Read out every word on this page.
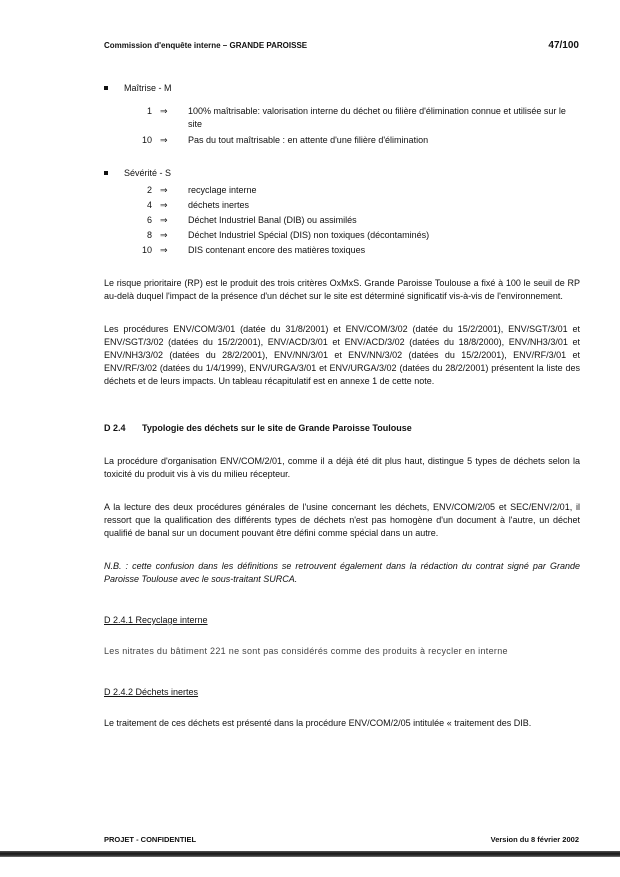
Commission d'enquête interne – GRANDE PAROISSE	47/100
Maîtrise - M
1 ⇒	100% maîtrisable: valorisation interne du déchet ou filière d'élimination connue et utilisée sur le site
10 ⇒	Pas du tout maîtrisable : en attente d'une filière d'élimination
Sévérité - S
2 ⇒	recyclage interne
4 ⇒	déchets inertes
6 ⇒	Déchet Industriel Banal (DIB) ou assimilés
8 ⇒	Déchet Industriel Spécial (DIS) non toxiques (décontaminés)
10 ⇒	DIS contenant encore des matières toxiques

Le risque prioritaire (RP) est le produit des trois critères OxMxS. Grande Paroisse Toulouse a fixé à 100 le seuil de RP au-delà duquel l'impact de la présence d'un déchet sur le site est déterminé significatif vis-à-vis de l'environnement.

Les procédures ENV/COM/3/01 (datée du 31/8/2001) et ENV/COM/3/02 (datée du 15/2/2001), ENV/SGT/3/01 et ENV/SGT/3/02 (datées du 15/2/2001), ENV/ACD/3/01 et ENV/ACD/3/02 (datées du 18/8/2000), ENV/NH3/3/01 et ENV/NH3/3/02 (datées du 28/2/2001), ENV/NN/3/01 et ENV/NN/3/02 (datées du 15/2/2001), ENV/RF/3/01 et ENV/RF/3/02 (datées du 1/4/1999), ENV/URGA/3/01 et ENV/URGA/3/02 (datées du 28/2/2001) présentent la liste des déchets et de leurs impacts. Un tableau récapitulatif est en annexe 1 de cette note.

D 2.4 Typologie des déchets sur le site de Grande Paroisse Toulouse

La procédure d'organisation ENV/COM/2/01, comme il a déjà été dit plus haut, distingue 5 types de déchets selon la toxicité du produit vis à vis du milieu récepteur.

A la lecture des deux procédures générales de l'usine concernant les déchets, ENV/COM/2/05 et SEC/ENV/2/01, il ressort que la qualification des différents types de déchets n'est pas homogène d'un document à l'autre, un déchet qualifié de banal sur un document pouvant être défini comme spécial dans un autre.

N.B. : cette confusion dans les définitions se retrouvent également dans la rédaction du contrat signé par Grande Paroisse Toulouse avec le sous-traitant SURCA.

D 2.4.1 Recyclage interne

Les nitrates du bâtiment 221 ne sont pas considérés comme des produits à recycler en interne

D 2.4.2 Déchets inertes

Le traitement de ces déchets est présenté dans la procédure ENV/COM/2/05 intitulée « traitement des DIB.

PROJET - CONFIDENTIEL	Version du 8 février 2002
